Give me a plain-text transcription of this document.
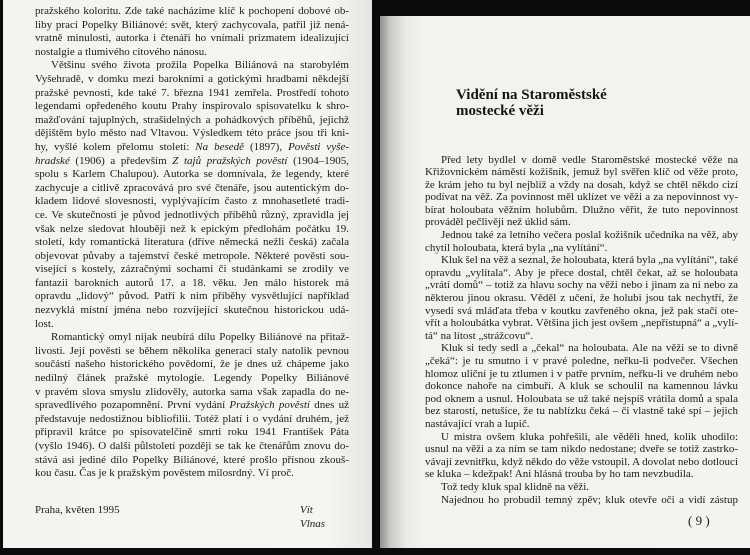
pražského koloritu. Zde také nacházíme klíč k pochopení dobové ob-
liby prací Popelky Biliánové: svět, který zachycovala, patřil již nená-
vratně minulosti, autorka i čtenáři ho vnímali prizmatem idealizující
nostalgie a tlumivého citového nánosu.
Většinu svého života prožila Popelka Biliánová na starobylém
Vyšehradě, v domku mezi barokními a gotickými hradbami někdejší
pražské pevnosti, kde také 7. března 1941 zemřela. Prostředí tohoto
legendami opředeného koutu Prahy inspirovalo spisovatelku k shro-
mažďování tajuplných, strašidelných a pohádkových příběhů, jejichž
dějištěm bylo město nad Vltavou. Výsledkem této práce jsou tři kni-
hy, vyšlé kolem přelomu století: Na besedě (1897), Pověsti vyše-
hradské (1906) a především Z tajů pražských pověstí (1904–1905,
spolu s Karlem Chalupou). Autorka se domnívala, že legendy, které
zachycuje a citlivě zpracovává pro své čtenáře, jsou autentickým do-
kladem lidové slovesnosti, vyplývajícím často z mnohasetleté tradi-
ce. Ve skutečnosti je původ jednotlivých příběhů různý, zpravidla jej
však nelze sledovat hlouběji než k epickým předlohám počátku 19.
století, kdy romantická literatura (dříve německá nežli česká) začala
objevovat půvaby a tajemství české metropole. Některé pověsti sou-
visející s kostely, zázračnými sochami či studánkami se zrodily ve
fantazii barokních autorů 17. a 18. věku. Jen málo historek má
opravdu „lidový“ původ. Patří k nim příběhy vysvětlující například
nezvyklá místní jména nebo rozvíjející skutečnou historickou udá-
lost.
Romantický omyl nijak neubírá dílu Popelky Biliánové na přitaž-
livosti. Její pověsti se během několika generací staly natolik pevnou
součástí našeho historického povědomí, že je dnes už chápeme jako
nedílný článek pražské mytologie. Legendy Popelky Biliánové
v pravém slova smyslu zlidověly, autorka sama však zapadla do ne-
spravedlivého pozapomnění. První vydání Pražských pověstí dnes už
představuje nedostižnou bibliofilii. Totéž platí i o vydání druhém, jež
připravil krátce po spisovatelčině smrti roku 1941 František Páta
(vyšlo 1946). O další půlstoletí později se tak ke čtenářům znovu do-
stává asi jediné dílo Popelky Biliánové, které prošlo přísnou zkouš-
kou času. Čas je k pražským pověstem milosrdný. Ví proč.
Praha, květen 1995	Vít Vlnas
Vidění na Staroměstské
mostecké věži
Před lety bydlel v domě vedle Staroměstské mostecké věže na
Křižovnickém náměstí kožišník, jemuž byl svěřen klíč od věže proto,
že krám jeho tu byl nejblíž a vždy na dosah, když se chtěl někdo cizí
podívat na věž. Za povinnost měl uklízet ve věži a za nepovinnost vy-
bírat holoubata věžním holubům. Dlužno věřit, že tuto nepovinnost
prováděl pečlivěji než úklid sám.
Jednou také za letního večera poslal kožišník učedníka na věž, aby
chytil holoubata, která byla „na vylítání“.
Kluk šel na věž a seznal, že holoubata, která byla „na vylítání“, také
opravdu „vylítala“. Aby je přece dostal, chtěl čekat, až se holoubata
„vrátí domů“ – totiž za hlavu sochy na věži nebo i jinam za ni nebo za
některou jinou okrasu. Věděl z učení, že holubi jsou tak nechytří, že
vysedí svá mláďata třeba v koutku zavřeného okna, jež pak stačí ote-
vřít a holoubátka vybrat. Většina jich jest ovšem „nepřístupná“ a „vylí-
tá“ na lítost „strážcovu“.
Kluk si tedy sedl a „čekal“ na holoubata. Ale na věži se to divně
„čeká“: je tu smutno i v pravé poledne, neřku-li podvečer. Všechen
hlomoz uliční je tu ztlumen i v patře prvním, neřku-li ve druhém nebo
dokonce nahoře na cimbuří. A kluk se schoulil na kamennou lávku
pod oknem a usnul. Holoubata se už také nejspíš vrátila domů a spala
bez starostí, netušíce, že tu nablízku čeká – či vlastně také spí – jejich
nastávající vrah a lupič.
U mistra ovšem kluka pohřešili, ale věděli hned, kolik uhodilo:
usnul na věži a za ním se tam nikdo nedostane; dveře se totiž zastrko-
vávají zevnitřku, když někdo do věže vstoupil. A dovolat nebo dotlouci
se kluka – kdežpak! Ani hlásná trouba by ho tam nevzbudila.
Tož tedy kluk spal klidně na věži.
Najednou ho probudil temný zpěv; kluk otevře oči a vidí zástup
( 9 )
